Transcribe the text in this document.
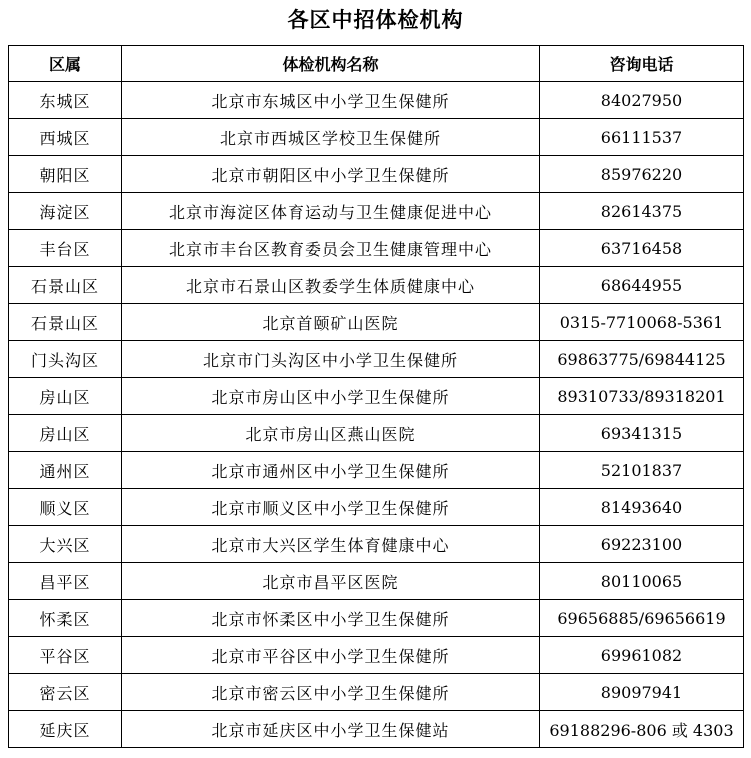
各区中招体检机构
区属	体检机构名称	咨询电话
东城区	北京市东城区中小学卫生保健所	84027950
西城区	北京市西城区学校卫生保健所	66111537
朝阳区	北京市朝阳区中小学卫生保健所	85976220
海淀区	北京市海淀区体育运动与卫生健康促进中心	82614375
丰台区	北京市丰台区教育委员会卫生健康管理中心	63716458
石景山区	北京市石景山区教委学生体质健康中心	68644955
石景山区	北京首颐矿山医院	0315-7710068-5361
门头沟区	北京市门头沟区中小学卫生保健所	69863775/69844125
房山区	北京市房山区中小学卫生保健所	89310733/89318201
房山区	北京市房山区燕山医院	69341315
通州区	北京市通州区中小学卫生保健所	52101837
顺义区	北京市顺义区中小学卫生保健所	81493640
大兴区	北京市大兴区学生体育健康中心	69223100
昌平区	北京市昌平区医院	80110065
怀柔区	北京市怀柔区中小学卫生保健所	69656885/69656619
平谷区	北京市平谷区中小学卫生保健所	69961082
密云区	北京市密云区中小学卫生保健所	89097941
延庆区	北京市延庆区中小学卫生保健站	69188296-806 或 4303
